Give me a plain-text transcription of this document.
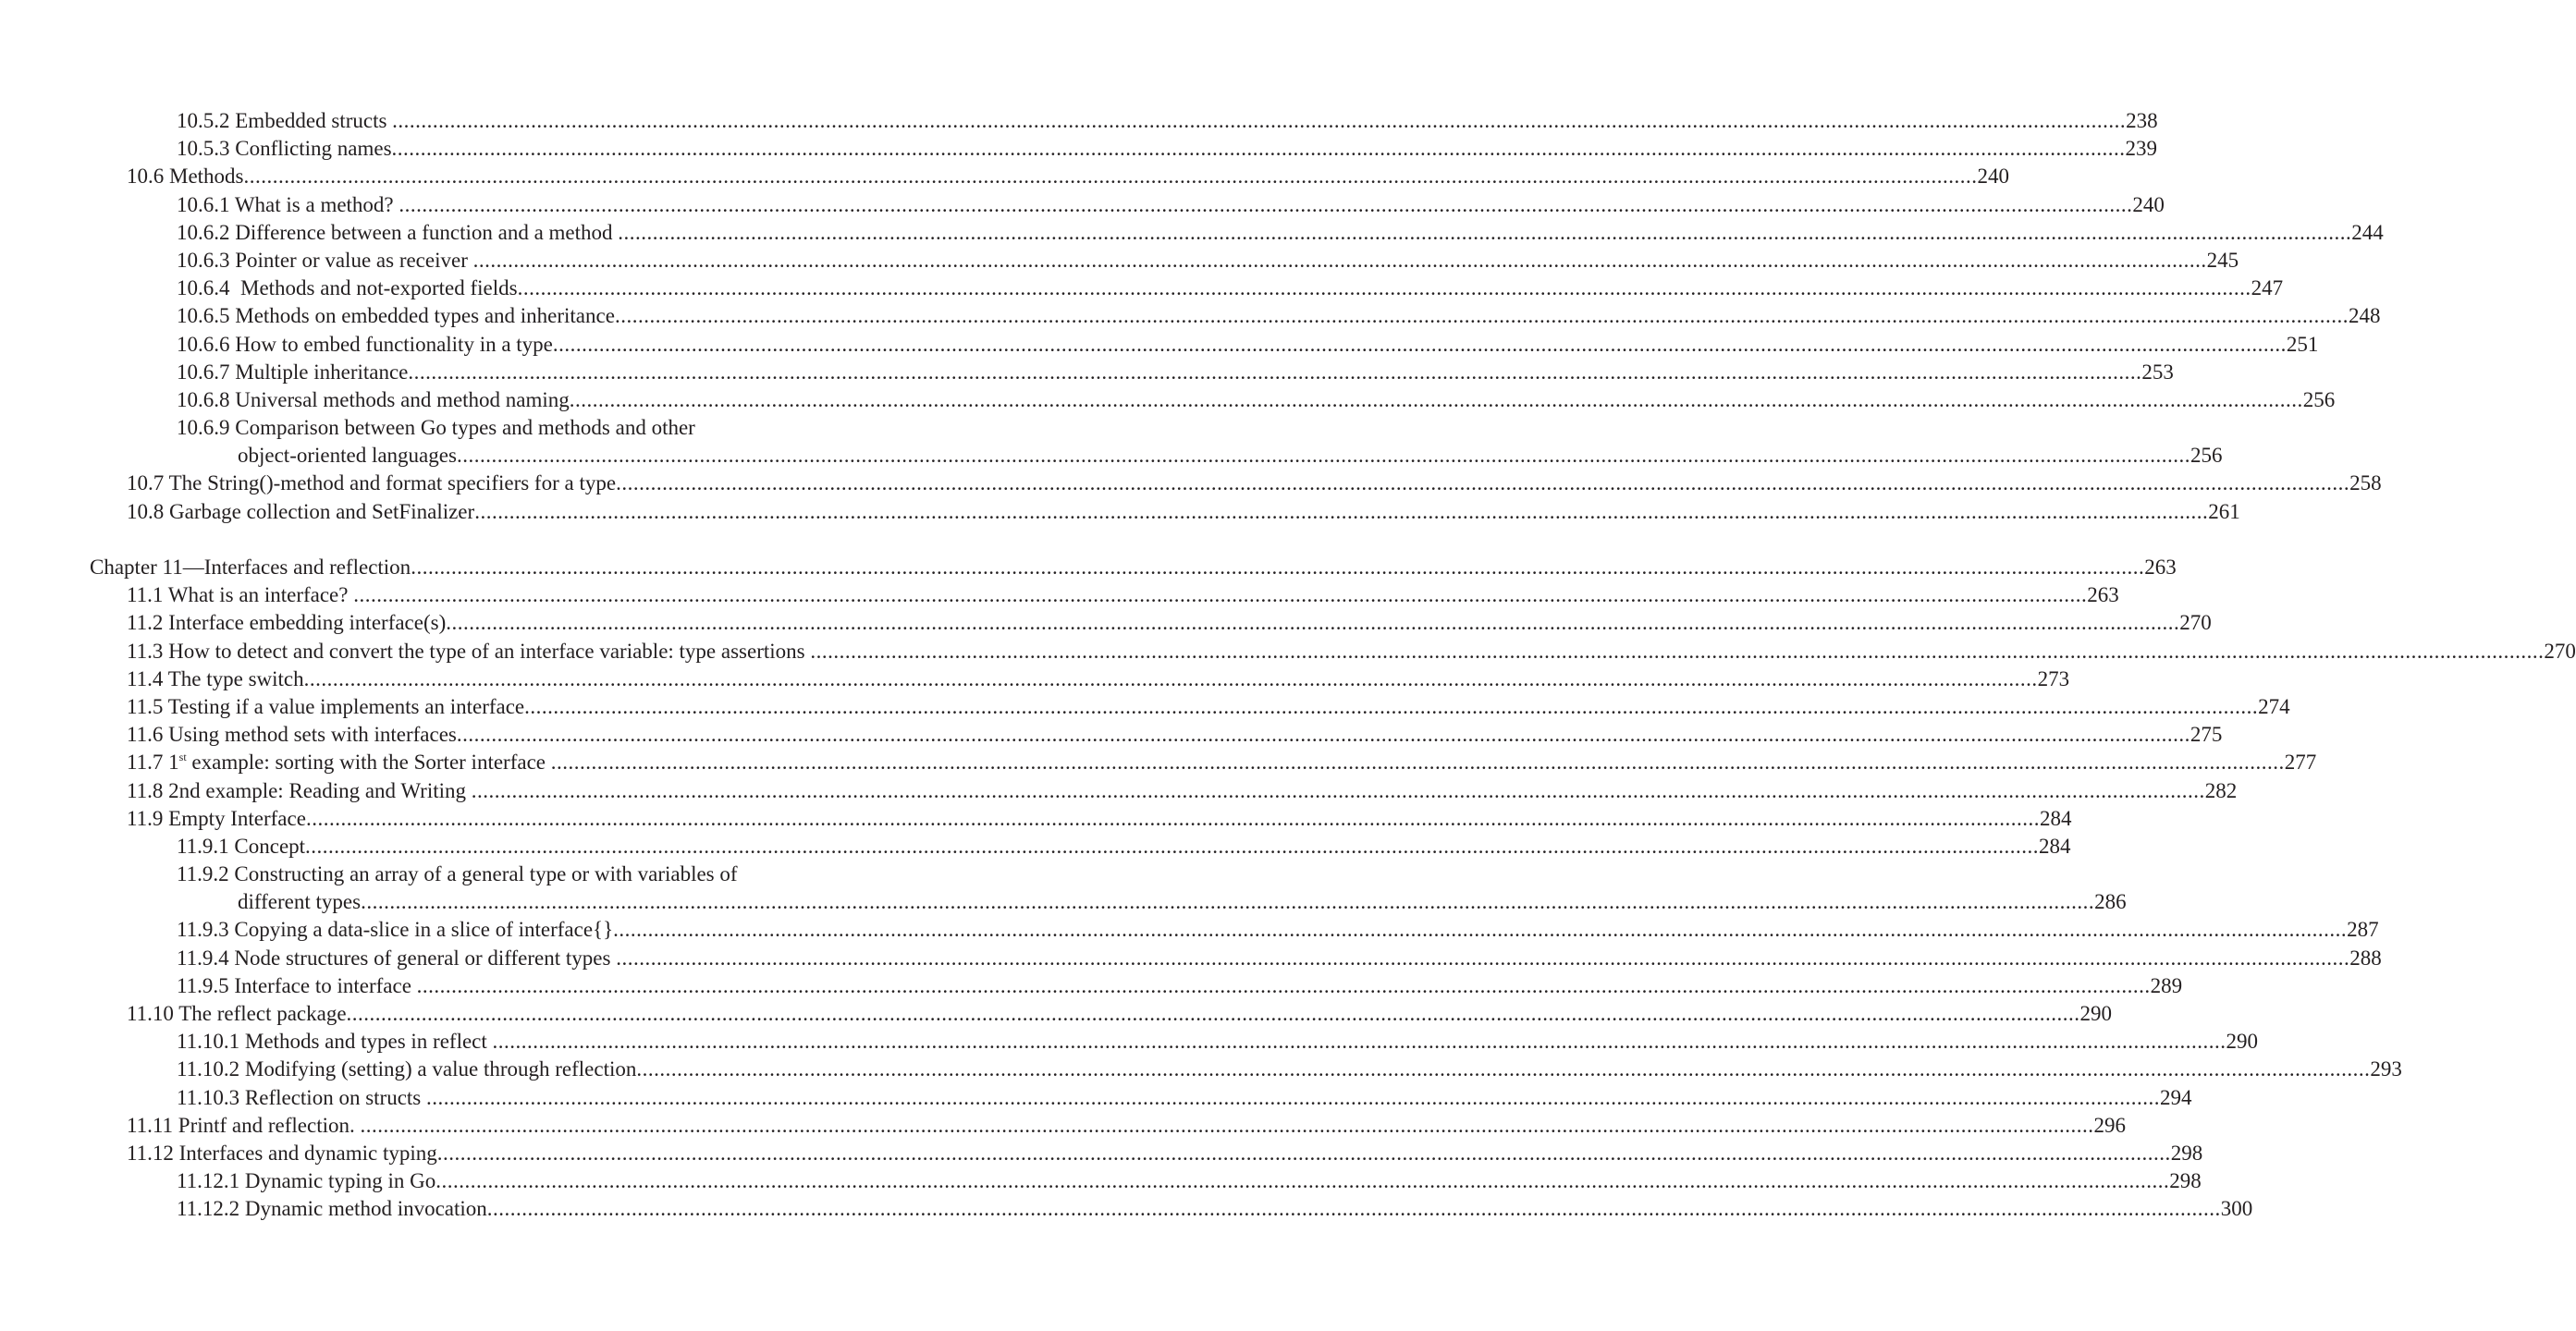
10.5.2 Embedded structs ............................................................................................................................................................................................................................................................................................................ 238
10.5.3 Conflicting names ............................................................................................................................................................................................................................................................................................................ 239
10.6 Methods ............................................................................................................................................................................................................................................................................................................ 240
10.6.1 What is a method? ............................................................................................................................................................................................................................................................................................................ 240
10.6.2 Difference between a function and a method ............................................................................................................................................................................................................................................................................................................ 244
10.6.3 Pointer or value as receiver ............................................................................................................................................................................................................................................................................................................ 245
10.6.4  Methods and not-exported fields ............................................................................................................................................................................................................................................................................................................ 247
10.6.5 Methods on embedded types and inheritance ............................................................................................................................................................................................................................................................................................................ 248
10.6.6 How to embed functionality in a type ............................................................................................................................................................................................................................................................................................................ 251
10.6.7 Multiple inheritance ............................................................................................................................................................................................................................................................................................................ 253
10.6.8 Universal methods and method naming ............................................................................................................................................................................................................................................................................................................ 256
10.6.9 Comparison between Go types and methods and other
object-oriented languages ............................................................................................................................................................................................................................................................................................................ 256
10.7 The String()-method and format specifiers for a type ............................................................................................................................................................................................................................................................................................................ 258
10.8 Garbage collection and SetFinalizer ............................................................................................................................................................................................................................................................................................................ 261
Chapter 11—Interfaces and reflection ............................................................................................................................................................................................................................................................................................................ 263
11.1 What is an interface? ............................................................................................................................................................................................................................................................................................................ 263
11.2 Interface embedding interface(s) ............................................................................................................................................................................................................................................................................................................ 270
11.3 How to detect and convert the type of an interface variable: type assertions ............................................................................................................................................................................................................................................................................................................ 270
11.4 The type switch ............................................................................................................................................................................................................................................................................................................ 273
11.5 Testing if a value implements an interface ............................................................................................................................................................................................................................................................................................................ 274
11.6 Using method sets with interfaces ............................................................................................................................................................................................................................................................................................................ 275
11.7 1st example: sorting with the Sorter interface ............................................................................................................................................................................................................................................................................................................ 277
11.8 2nd example: Reading and Writing ............................................................................................................................................................................................................................................................................................................ 282
11.9 Empty Interface ............................................................................................................................................................................................................................................................................................................ 284
11.9.1 Concept ............................................................................................................................................................................................................................................................................................................ 284
11.9.2 Constructing an array of a general type or with variables of
different types ............................................................................................................................................................................................................................................................................................................ 286
11.9.3 Copying a data-slice in a slice of interface{} ............................................................................................................................................................................................................................................................................................................ 287
11.9.4 Node structures of general or different types ............................................................................................................................................................................................................................................................................................................ 288
11.9.5 Interface to interface ............................................................................................................................................................................................................................................................................................................ 289
11.10 The reflect package ............................................................................................................................................................................................................................................................................................................ 290
11.10.1 Methods and types in reflect ............................................................................................................................................................................................................................................................................................................ 290
11.10.2 Modifying (setting) a value through reflection ............................................................................................................................................................................................................................................................................................................ 293
11.10.3 Reflection on structs ............................................................................................................................................................................................................................................................................................................ 294
11.11 Printf and reflection. ............................................................................................................................................................................................................................................................................................................ 296
11.12 Interfaces and dynamic typing ............................................................................................................................................................................................................................................................................................................ 298
11.12.1 Dynamic typing in Go ............................................................................................................................................................................................................................................................................................................ 298
11.12.2 Dynamic method invocation ............................................................................................................................................................................................................................................................................................................ 300
